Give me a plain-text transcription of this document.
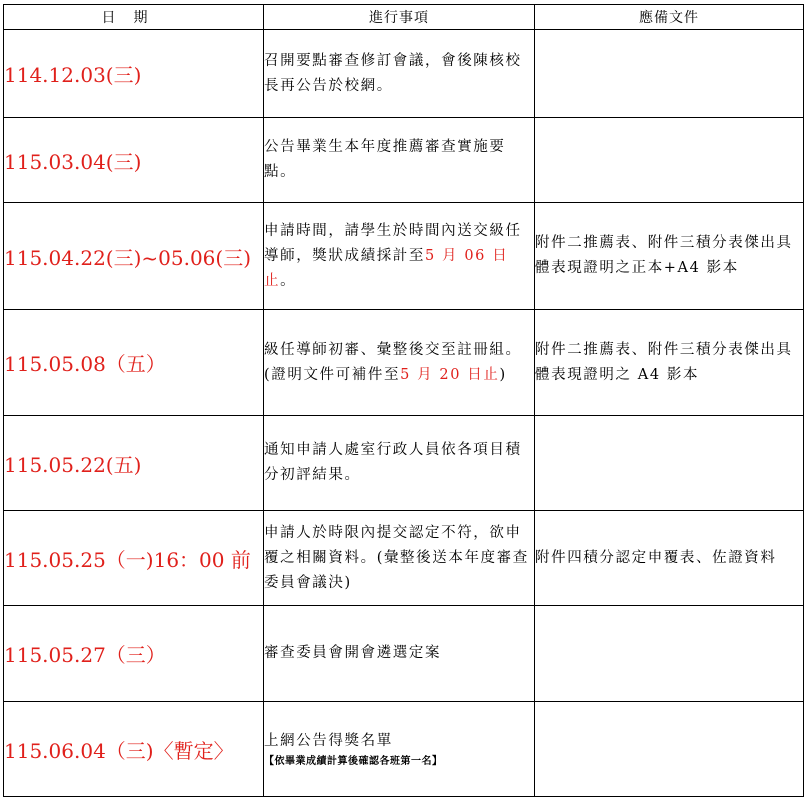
日期	進行事項	應備文件
114.12.03(三)	召開要點審查修訂會議，會後陳核校長再公告於校網。	
115.03.04(三)	公告畢業生本年度推薦審查實施要點。	
115.04.22(三)~05.06(三)	申請時間，請學生於時間內送交級任導師，獎狀成績採計至5 月 06 日止。	附件二推薦表、附件三積分表傑出具體表現證明之正本+A4 影本
115.05.08（五）	級任導師初審、彙整後交至註冊組。(證明文件可補件至5 月 20 日止)	附件二推薦表、附件三積分表傑出具體表現證明之 A4 影本
115.05.22(五)	通知申請人處室行政人員依各項目積分初評結果。	
115.05.25（一)16：00 前	申請人於時限內提交認定不符，欲申覆之相關資料。(彙整後送本年度審查委員會議決)	附件四積分認定申覆表、佐證資料
115.05.27（三）	審查委員會開會遴選定案	
115.06.04（三)〈暫定〉	上網公告得獎名單
【依畢業成績計算後確認各班第一名】	
